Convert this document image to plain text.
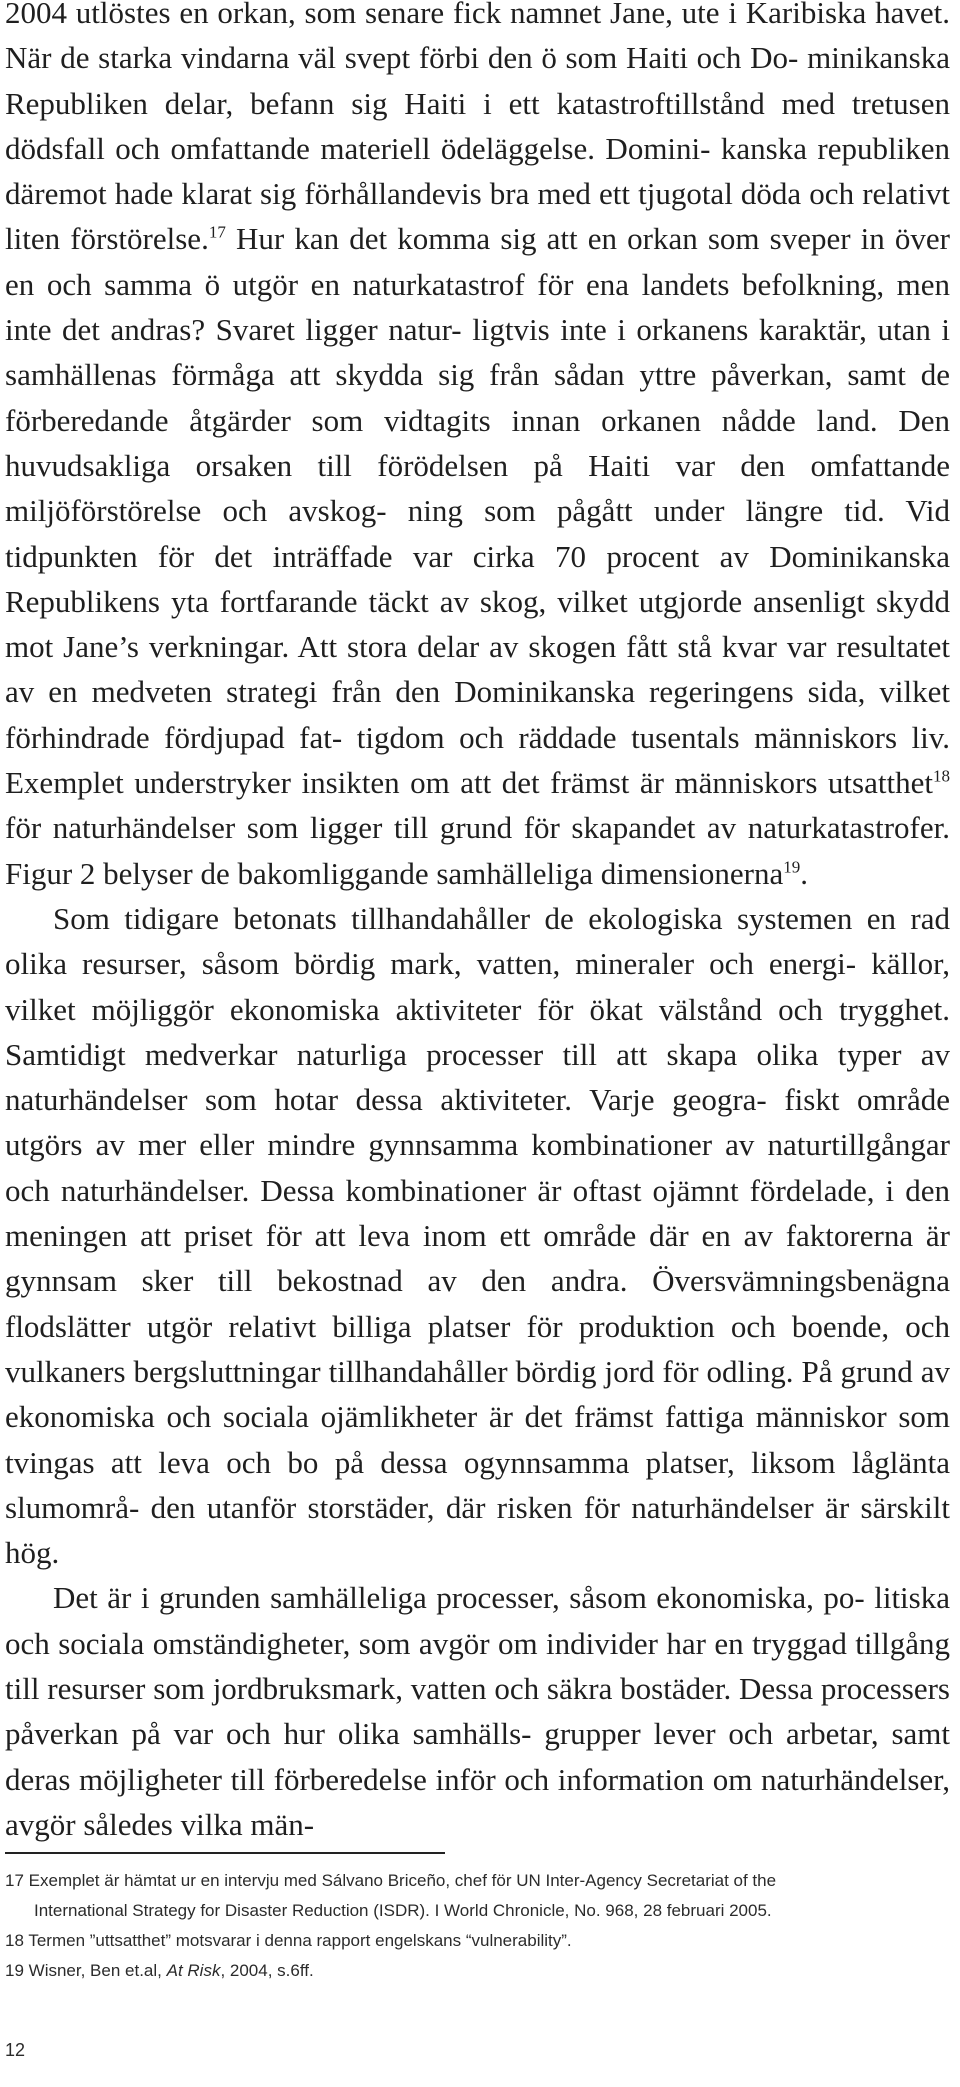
2004 utlöstes en orkan, som senare fick namnet Jane, ute i Karibiska havet. När de starka vindarna väl svept förbi den ö som Haiti och Do- minikanska Republiken delar, befann sig Haiti i ett katastroftillstånd med tretusen dödsfall och omfattande materiell ödeläggelse. Domini- kanska republiken däremot hade klarat sig förhållandevis bra med ett tjugotal döda och relativt liten förstörelse.$^{17}$ Hur kan det komma sig att en orkan som sveper in över en och samma ö utgör en naturkatastrof för ena landets befolkning, men inte det andras? Svaret ligger natur- ligtvis inte i orkanens karaktär, utan i samhällenas förmåga att skydda sig från sådan yttre påverkan, samt de förberedande åtgärder som vidtagits innan orkanen nådde land. Den huvudsakliga orsaken till förödelsen på Haiti var den omfattande miljöförstörelse och avskog- ning som pågått under längre tid. Vid tidpunkten för det inträffade var cirka 70 procent av Dominikanska Republikens yta fortfarande täckt av skog, vilket utgjorde ansenligt skydd mot Jane’s verkningar. Att stora delar av skogen fått stå kvar var resultatet av en medveten strategi från den Dominikanska regeringens sida, vilket förhindrade fördjupad fat- tigdom och räddade tusentals människors liv. Exemplet understryker insikten om att det främst är människors utsatthet$^{18}$ för naturhändelser som ligger till grund för skapandet av naturkatastrofer. Figur 2 belyser de bakomliggande samhälleliga dimensionerna$^{19}$.

Som tidigare betonats tillhandahåller de ekologiska systemen en rad olika resurser, såsom bördig mark, vatten, mineraler och energi- källor, vilket möjliggör ekonomiska aktiviteter för ökat välstånd och trygghet. Samtidigt medverkar naturliga processer till att skapa olika typer av naturhändelser som hotar dessa aktiviteter. Varje geogra- fiskt område utgörs av mer eller mindre gynnsamma kombinationer av naturtillgångar och naturhändelser. Dessa kombinationer är oftast ojämnt fördelade, i den meningen att priset för att leva inom ett område där en av faktorerna är gynnsam sker till bekostnad av den andra. Översvämningsbenägna flodslätter utgör relativt billiga platser för produktion och boende, och vulkaners bergsluttningar tillhandahåller bördig jord för odling. På grund av ekonomiska och sociala ojämlikheter är det främst fattiga människor som tvingas att leva och bo på dessa ogynnsamma platser, liksom låglänta slumområ- den utanför storstäder, där risken för naturhändelser är särskilt hög.

Det är i grunden samhälleliga processer, såsom ekonomiska, po- litiska och sociala omständigheter, som avgör om individer har en tryggad tillgång till resurser som jordbruksmark, vatten och säkra bostäder. Dessa processers påverkan på var och hur olika samhälls- grupper lever och arbetar, samt deras möjligheter till förberedelse inför och information om naturhändelser, avgör således vilka män-

17 Exemplet är hämtat ur en intervju med Sálvano Briceño, chef för UN Inter-Agency Secretariat of the
International Strategy for Disaster Reduction (ISDR). I World Chronicle, No. 968, 28 februari 2005.

18 Termen ”uttsatthet” motsvarar i denna rapport engelskans “vulnerability”.

19 Wisner, Ben et.al, At Risk, 2004, s.6ff.

12
